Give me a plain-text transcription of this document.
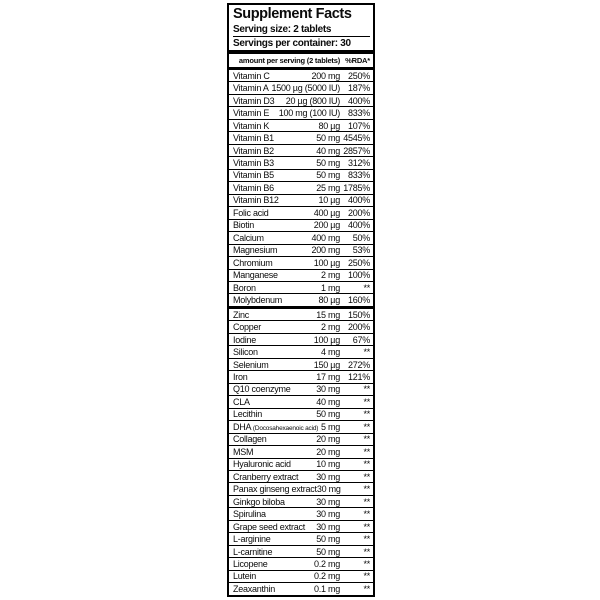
Supplement Facts
Serving size: 2 tablets
Servings per container: 30
amount per serving (2 tablets) %RDA*
Vitamin C	200 mg 250%
Vitamin A 1500 µg (5000 IU) 187%
Vitamin D3	20 µg (800 IU) 400%
Vitamin E	100 mg (100 IU) 833%
Vitamin K	80 µg 107%
Vitamin B1	50 mg 4545%
Vitamin B2	40 mg 2857%
Vitamin B3	50 mg 312%
Vitamin B5	50 mg 833%
Vitamin B6	25 mg 1785%
Vitamin B12	10 µg 400%
Folic acid	400 µg 200%
Biotin	200 µg 400%
Calcium	400 mg	50%
Magnesium	200 mg	53%
Chromium	100 µg 250%
Manganese	2 mg 100%
Boron	1 mg	**
Molybdenum	80 µg 160%
Zinc	15 mg 150%
Copper	2 mg 200%
Iodine	100 µg	67%
Silicon	4 mg	**
Selenium	150 µg 272%
Iron	17 mg 121%
Q10 coenzyme	30 mg	**
CLA	40 mg	**
Lecithin	50 mg	**
DHA (Docosahexaenoic acid) 5 mg	**
Collagen	20 mg	**
MSM	20 mg	**
Hyaluronic acid	10 mg	**
Cranberry extract	30 mg	**
Panax ginseng extract 30 mg	**
Ginkgo biloba	30 mg	**
Spirulina	30 mg	**
Grape seed extract	30 mg	**
L-arginine	50 mg	**
L-carnitine	50 mg	**
Licopene	0.2 mg	**
Lutein	0.2 mg	**
Zeaxanthin	0.1 mg	**
